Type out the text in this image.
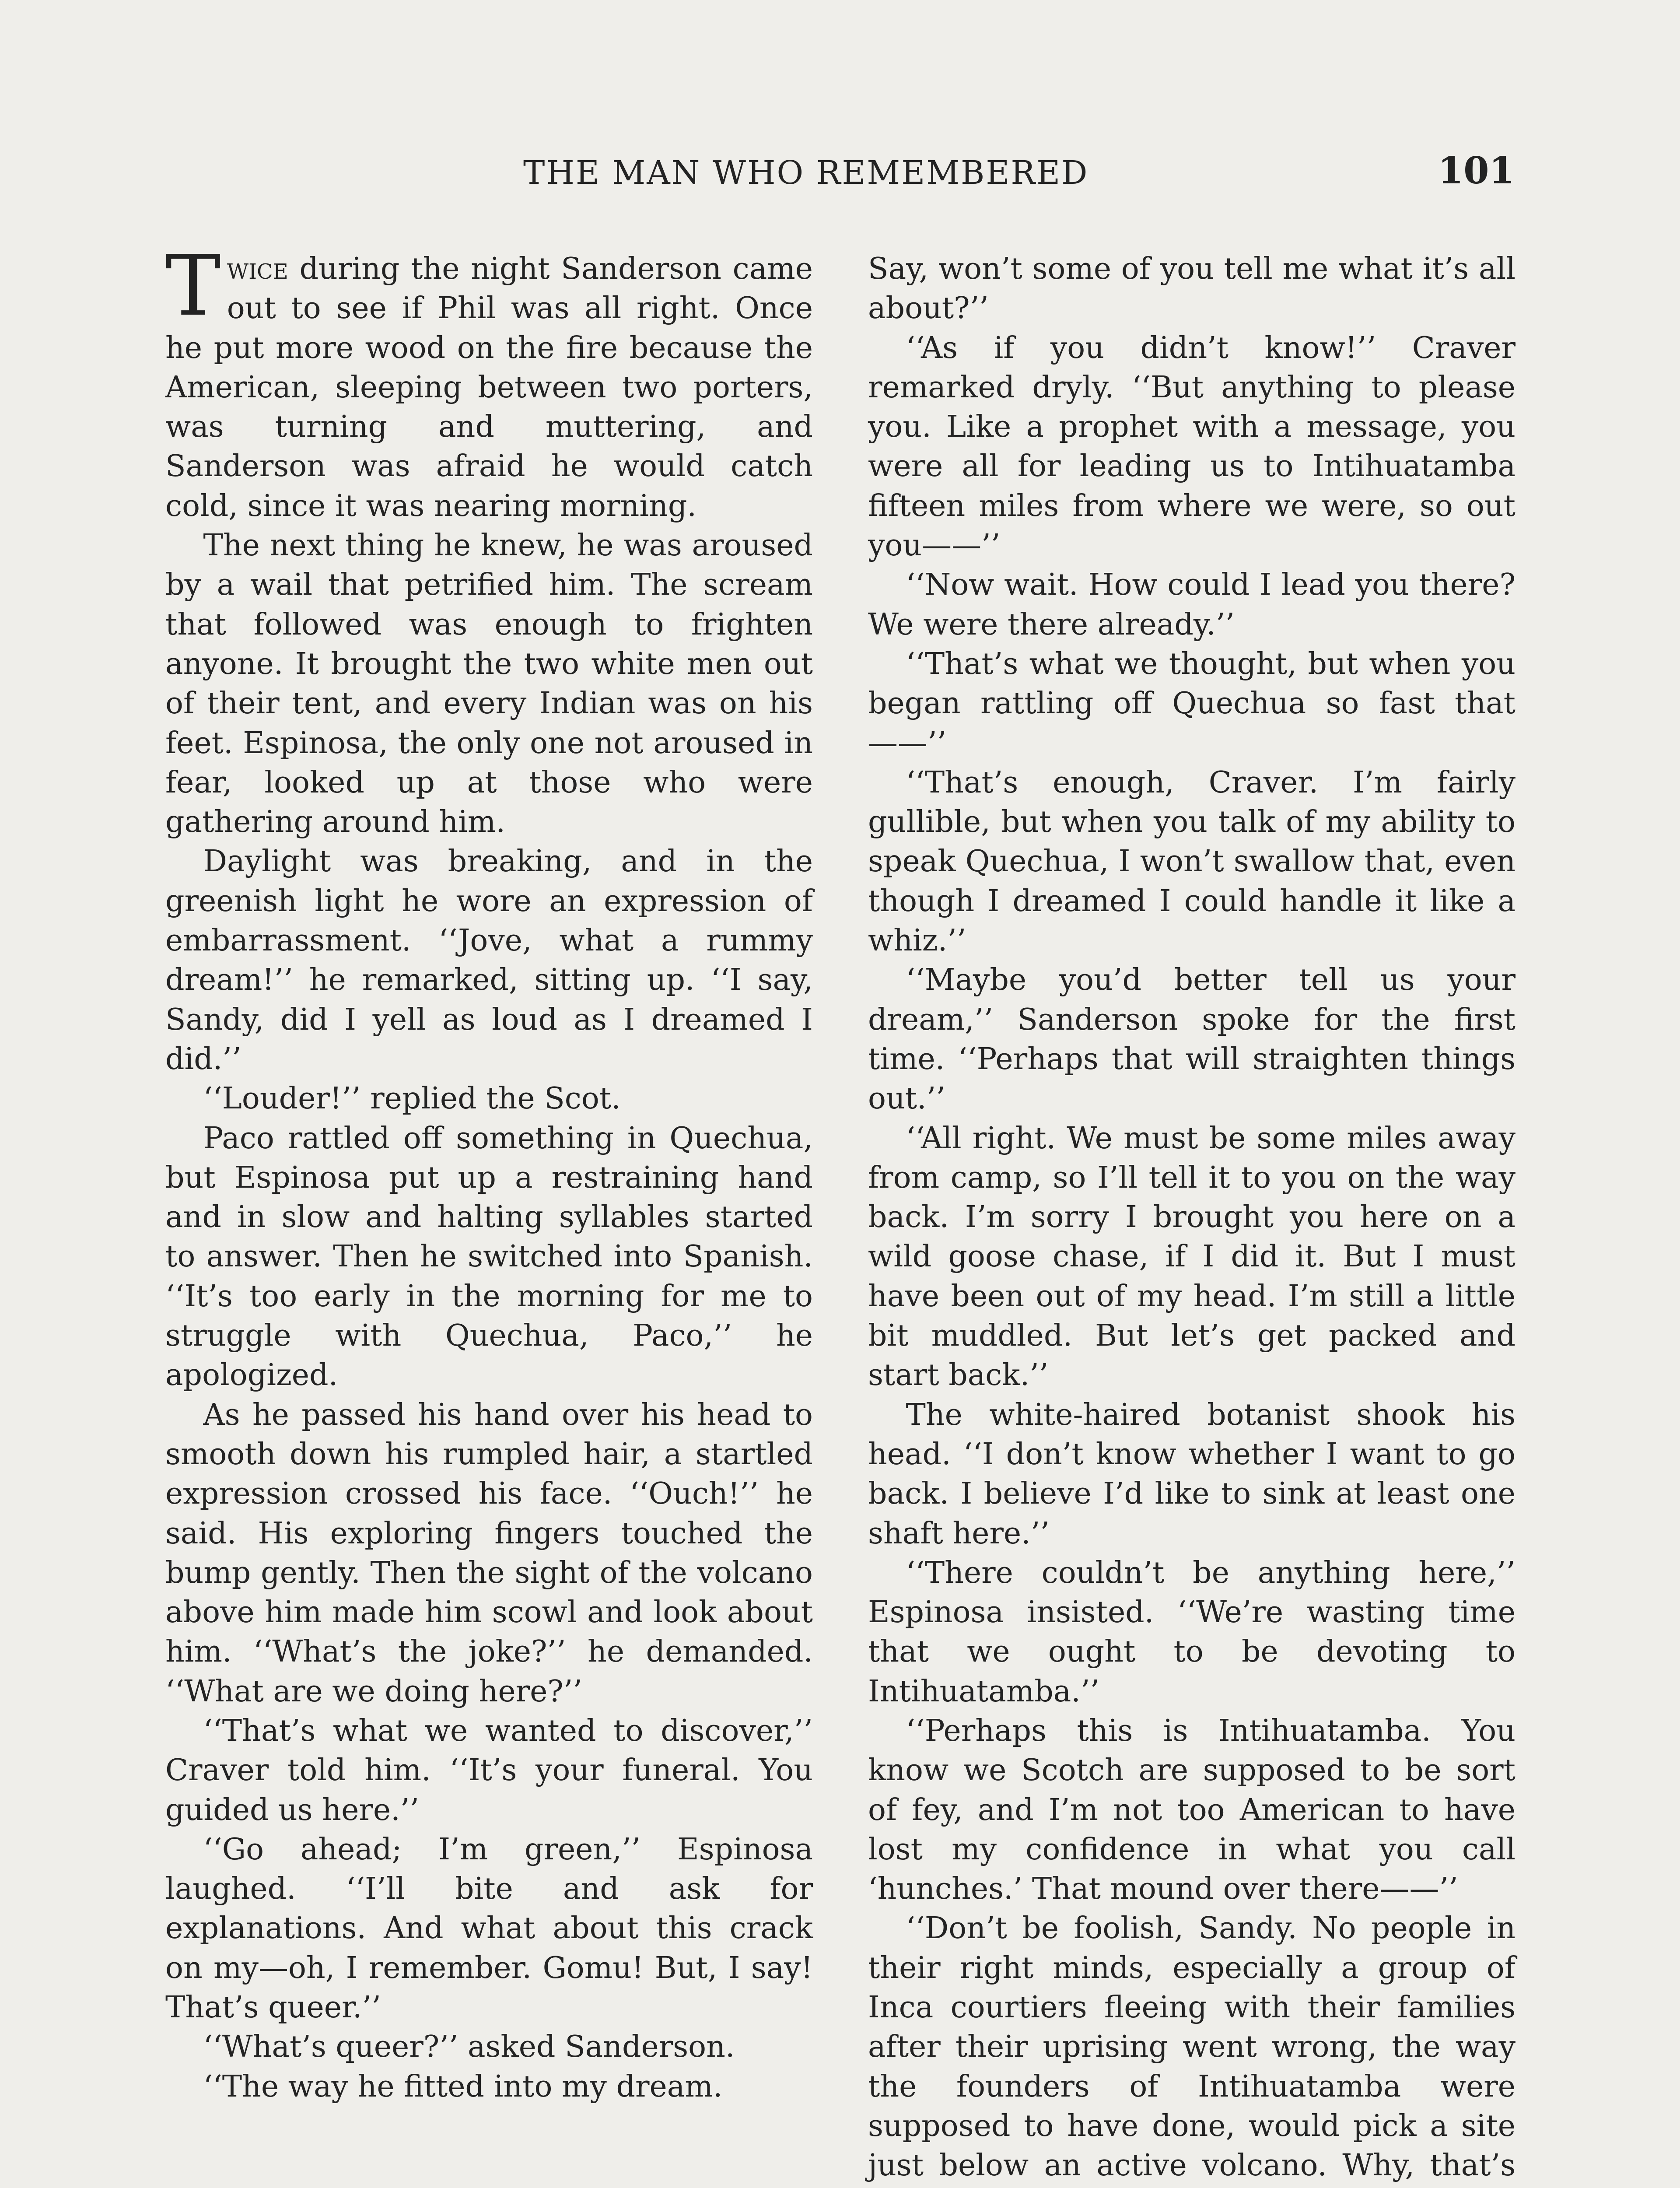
THE MAN WHO REMEMBERED	101

Twice during the night Sanderson came out to see if Phil was all right. Once he put more wood on the fire because the American, sleeping between two porters, was turning and muttering, and Sanderson was afraid he would catch cold, since it was nearing morning.

The next thing he knew, he was aroused by a wail that petrified him. The scream that followed was enough to frighten anyone. It brought the two white men out of their tent, and every Indian was on his feet. Espinosa, the only one not aroused in fear, looked up at those who were gathering around him.

Daylight was breaking, and in the greenish light he wore an expression of embarrassment. ‘‘Jove, what a rummy dream!’’ he remarked, sitting up. ‘‘I say, Sandy, did I yell as loud as I dreamed I did.’’

‘‘Louder!’’ replied the Scot.

Paco rattled off something in Quechua, but Espinosa put up a restraining hand and in slow and halting syllables started to answer. Then he switched into Spanish. ‘‘It’s too early in the morning for me to struggle with Quechua, Paco,’’ he apologized.

As he passed his hand over his head to smooth down his rumpled hair, a startled expression crossed his face. ‘‘Ouch!’’ he said. His exploring fingers touched the bump gently. Then the sight of the volcano above him made him scowl and look about him. ‘‘What’s the joke?’’ he demanded. ‘‘What are we doing here?’’

‘‘That’s what we wanted to discover,’’ Craver told him. ‘‘It’s your funeral. You guided us here.’’

‘‘Go ahead; I’m green,’’ Espinosa laughed. ‘‘I’ll bite and ask for explanations. And what about this crack on my—oh, I remember. Gomu! But, I say! That’s queer.’’

‘‘What’s queer?’’ asked Sanderson.

‘‘The way he fitted into my dream.

Say, won’t some of you tell me what it’s all about?’’

‘‘As if you didn’t know!’’ Craver remarked dryly. ‘‘But anything to please you. Like a prophet with a message, you were all for leading us to Intihuatamba fifteen miles from where we were, so out you——’’

‘‘Now wait. How could I lead you there? We were there already.’’

‘‘That’s what we thought, but when you began rattling off Quechua so fast that——’’

‘‘That’s enough, Craver. I’m fairly gullible, but when you talk of my ability to speak Quechua, I won’t swallow that, even though I dreamed I could handle it like a whiz.’’

‘‘Maybe you’d better tell us your dream,’’ Sanderson spoke for the first time. ‘‘Perhaps that will straighten things out.’’

‘‘All right. We must be some miles away from camp, so I’ll tell it to you on the way back. I’m sorry I brought you here on a wild goose chase, if I did it. But I must have been out of my head. I’m still a little bit muddled. But let’s get packed and start back.’’

The white-haired botanist shook his head. ‘‘I don’t know whether I want to go back. I believe I’d like to sink at least one shaft here.’’

‘‘There couldn’t be anything here,’’ Espinosa insisted. ‘‘We’re wasting time that we ought to be devoting to Intihuatamba.’’

‘‘Perhaps this is Intihuatamba. You know we Scotch are supposed to be sort of fey, and I’m not too American to have lost my confidence in what you call ‘hunches.’ That mound over there——’’

‘‘Don’t be foolish, Sandy. No people in their right minds, especially a group of Inca courtiers fleeing with their families after their uprising went wrong, the way the founders of Intihuatamba were supposed to have done, would pick a site just below an active volcano. Why, that’s
